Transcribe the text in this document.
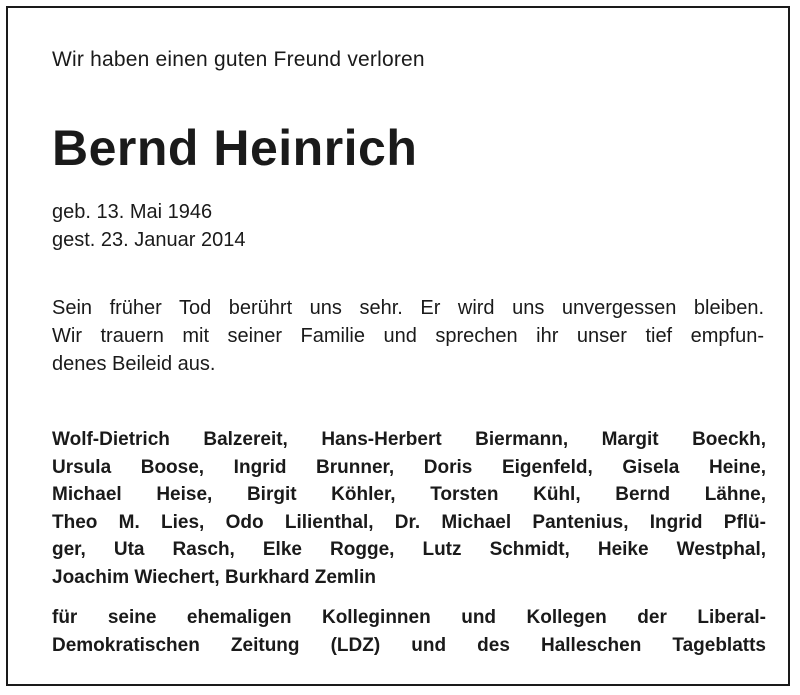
Wir haben einen guten Freund verloren

Bernd Heinrich
geb. 13. Mai 1946
gest. 23. Januar 2014
Sein früher Tod berührt uns sehr. Er wird uns unvergessen bleiben.
Wir trauern mit seiner Familie und sprechen ihr unser tief empfun-
denes Beileid aus.
Wolf-Dietrich Balzereit, Hans-Herbert Biermann, Margit Boeckh,
Ursula Boose, Ingrid Brunner, Doris Eigenfeld, Gisela Heine,
Michael Heise, Birgit Köhler, Torsten Kühl, Bernd Lähne,
Theo M. Lies, Odo Lilienthal, Dr. Michael Pantenius, Ingrid Pflü-
ger, Uta Rasch, Elke Rogge, Lutz Schmidt, Heike Westphal,
Joachim Wiechert, Burkhard Zemlin
für seine ehemaligen Kolleginnen und Kollegen der Liberal-
Demokratischen Zeitung (LDZ) und des Halleschen Tageblatts
